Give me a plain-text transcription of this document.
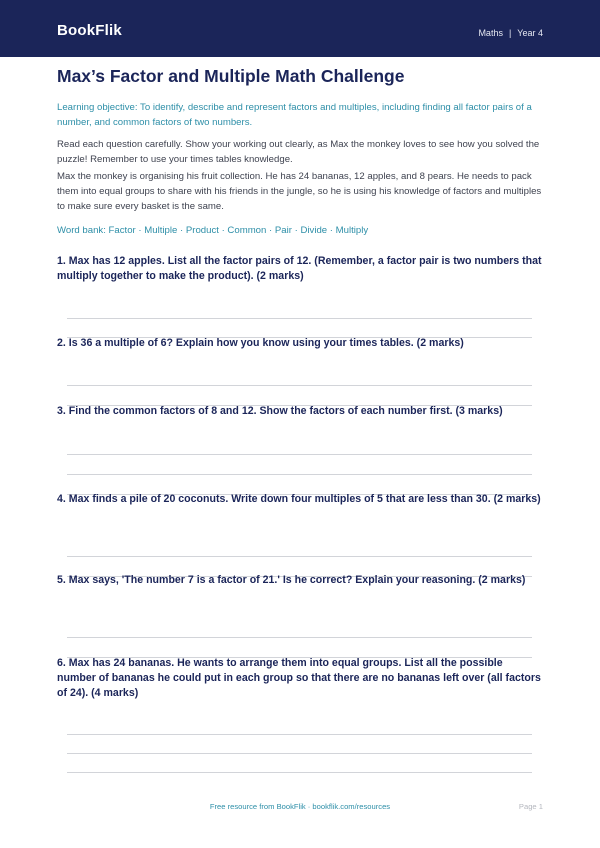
BookFlik	Maths | Year 4
Max’s Factor and Multiple Math Challenge
Learning objective: To identify, describe and represent factors and multiples, including finding all factor pairs of a number, and common factors of two numbers.
Read each question carefully. Show your working out clearly, as Max the monkey loves to see how you solved the puzzle! Remember to use your times tables knowledge.
Max the monkey is organising his fruit collection. He has 24 bananas, 12 apples, and 8 pears. He needs to pack them into equal groups to share with his friends in the jungle, so he is using his knowledge of factors and multiples to make sure every basket is the same.
Word bank: Factor · Multiple · Product · Common · Pair · Divide · Multiply
1. Max has 12 apples. List all the factor pairs of 12. (Remember, a factor pair is two numbers that multiply together to make the product). (2 marks)
2. Is 36 a multiple of 6? Explain how you know using your times tables. (2 marks)
3. Find the common factors of 8 and 12. Show the factors of each number first. (3 marks)
4. Max finds a pile of 20 coconuts. Write down four multiples of 5 that are less than 30. (2 marks)
5. Max says, 'The number 7 is a factor of 21.' Is he correct? Explain your reasoning. (2 marks)
6. Max has 24 bananas. He wants to arrange them into equal groups. List all the possible number of bananas he could put in each group so that there are no bananas left over (all factors of 24). (4 marks)
Free resource from BookFlik · bookflik.com/resources	Page 1
